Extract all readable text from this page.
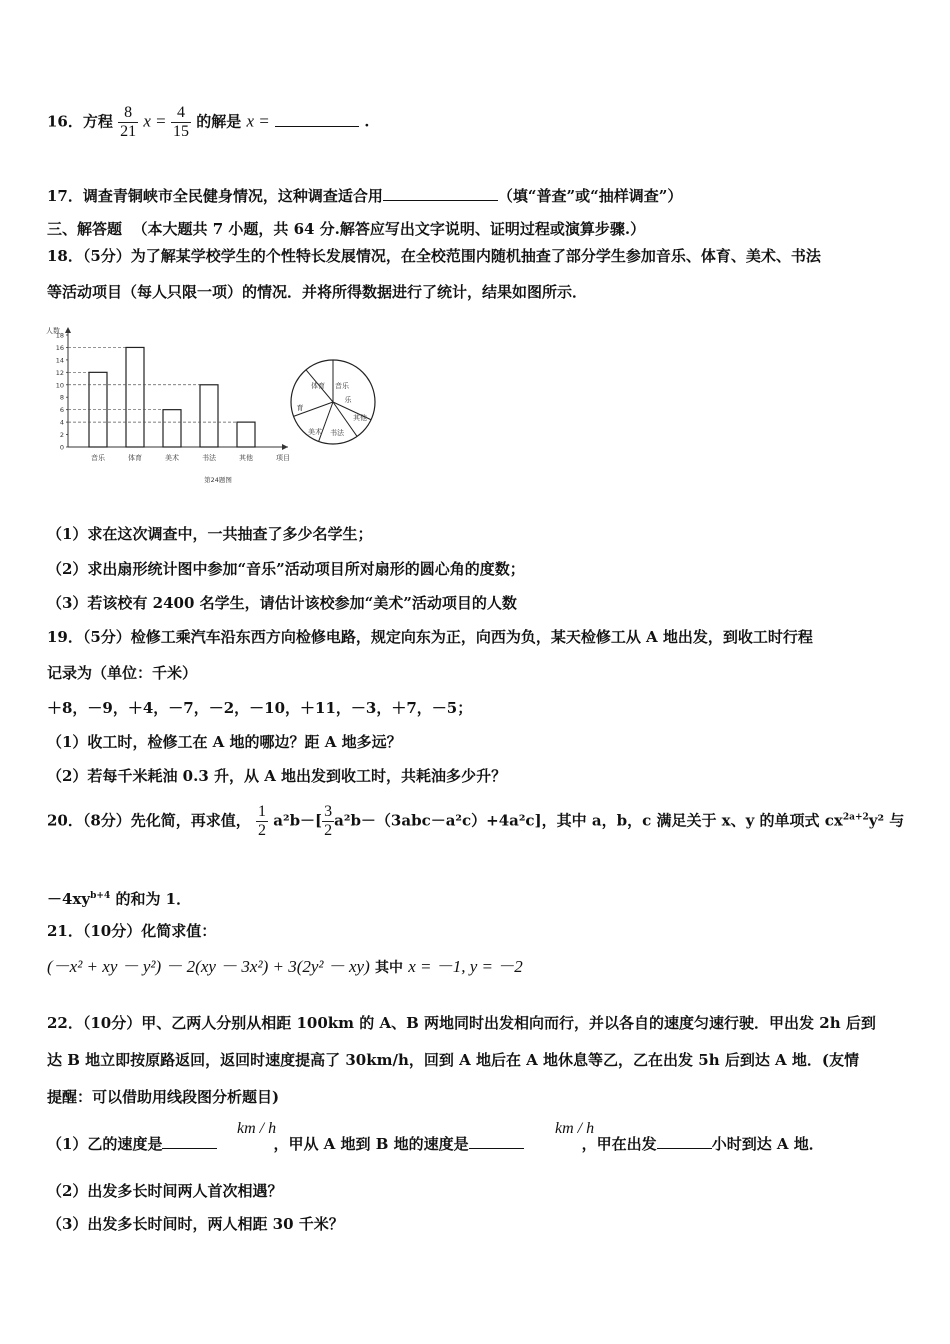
16．方程 $\frac{8}{21}$ $x = \frac{4}{15}$ 的解是 x =	.
17．调查青铜峡市全民健身情况，这种调查适合用	（填“普查”或“抽样调查”）
三、解答题 （本大题共 7 小题，共 64 分.解答应写出文字说明、证明过程或演算步骤.）
18．（5分）为了解某学校学生的个性特长发展情况，在全校范围内随机抽查了部分学生参加音乐、体育、美术、书法
等活动项目（每人只限一项）的情况．并将所得数据进行了统计，结果如图所示．
0
2
4
6
8
10
12
14
16
18
人数
项目
音乐	体育	美术	书法	其他
第24题图
体育 音乐
乐
其他
书法
美术
育
（1）求在这次调查中，一共抽查了多少名学生；
（2）求出扇形统计图中参加“音乐”活动项目所对扇形的圆心角的度数；
（3）若该校有 2400 名学生，请估计该校参加“美术”活动项目的人数
19．（5分）检修工乘汽车沿东西方向检修电路，规定向东为正，向西为负，某天检修工从 A 地出发，到收工时行程
记录为（单位：千米）
＋8，－9，＋4，－7，－2，－10，＋11，－3，＋7，－5；
（1）收工时，检修工在 A 地的哪边？距 A 地多远？
（2）若每千米耗油 0.3 升，从 A 地出发到收工时，共耗油多少升？
20．（8分）先化简，再求值， $\frac{1}{2} a^2b-[ \frac{3}{2} a^2b-(3abc-a^2c)+4a^2c]$，其中 a，b，c 满足关于 x、y 的单项式 $cx^{2a+2}y^2$ 与
$-4xy^{b+4}$ 的和为 1．
21．（10分）化简求值：
(－x² + xy － y²) － 2(xy － 3x²) + 3(2y² － xy) 其中 x = －1, y = －2
22．（10分）甲、乙两人分别从相距 100km 的 A、B 两地同时出发相向而行，并以各自的速度匀速行驶．甲出发 2h 后到
达 B 地立即按原路返回，返回时速度提高了 30km/h，回到 A 地后在 A 地休息等乙，乙在出发 5h 后到达 A 地．(友情
提醒：可以借助用线段图分析题目)
km / h	km / h
（1）乙的速度是	，甲从 A 地到 B 地的速度是	，甲在出发	小时到达 A 地．
（2）出发多长时间两人首次相遇？
（3）出发多长时间时，两人相距 30 千米？
